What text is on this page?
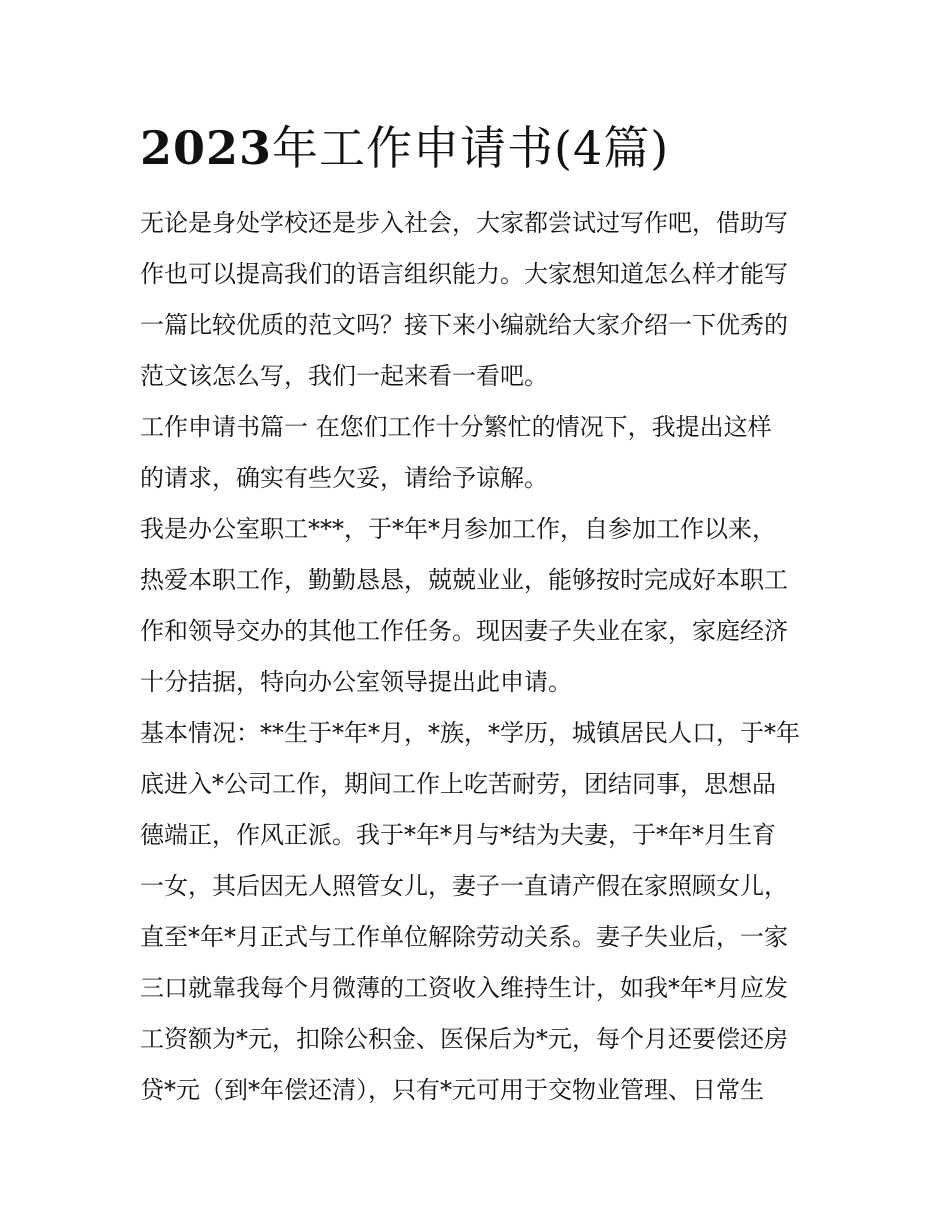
2023年工作申请书(4篇)
无论是身处学校还是步入社会，大家都尝试过写作吧，借助写
作也可以提高我们的语言组织能力。大家想知道怎么样才能写
一篇比较优质的范文吗？接下来小编就给大家介绍一下优秀的
范文该怎么写，我们一起来看一看吧。
工作申请书篇一 在您们工作十分繁忙的情况下，我提出这样
的请求，确实有些欠妥，请给予谅解。
我是办公室职工***，于*年*月参加工作，自参加工作以来，
热爱本职工作，勤勤恳恳，兢兢业业，能够按时完成好本职工
作和领导交办的其他工作任务。现因妻子失业在家，家庭经济
十分拮据，特向办公室领导提出此申请。
基本情况：**生于*年*月，*族，*学历，城镇居民人口，于*年
底进入*公司工作，期间工作上吃苦耐劳，团结同事，思想品
德端正，作风正派。我于*年*月与*结为夫妻，于*年*月生育
一女，其后因无人照管女儿，妻子一直请产假在家照顾女儿，
直至*年*月正式与工作单位解除劳动关系。妻子失业后，一家
三口就靠我每个月微薄的工资收入维持生计，如我*年*月应发
工资额为*元，扣除公积金、医保后为*元，每个月还要偿还房
贷*元（到*年偿还清），只有*元可用于交物业管理、日常生
